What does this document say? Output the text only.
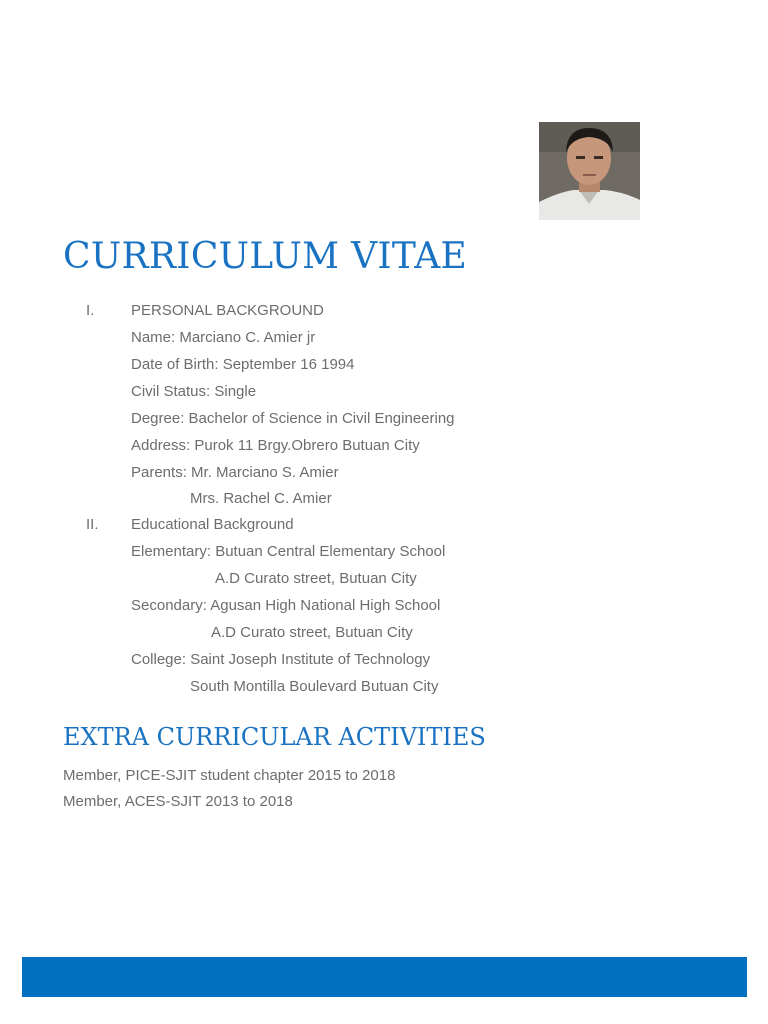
CURRICULUM VITAE
I. PERSONAL BACKGROUND
Name: Marciano C. Amier jr
Date of Birth: September 16 1994
Civil Status: Single
Degree: Bachelor of Science in Civil Engineering
Address: Purok 11 Brgy.Obrero Butuan City
Parents: Mr. Marciano S. Amier
Mrs. Rachel C. Amier
II. Educational Background
Elementary: Butuan Central Elementary School
A.D Curato street, Butuan City
Secondary: Agusan High National High School
A.D Curato street, Butuan City
College: Saint Joseph Institute of Technology
South Montilla Boulevard Butuan City
EXTRA CURRICULAR ACTIVITIES
Member, PICE-SJIT student chapter 2015 to 2018
Member, ACES-SJIT 2013 to 2018
